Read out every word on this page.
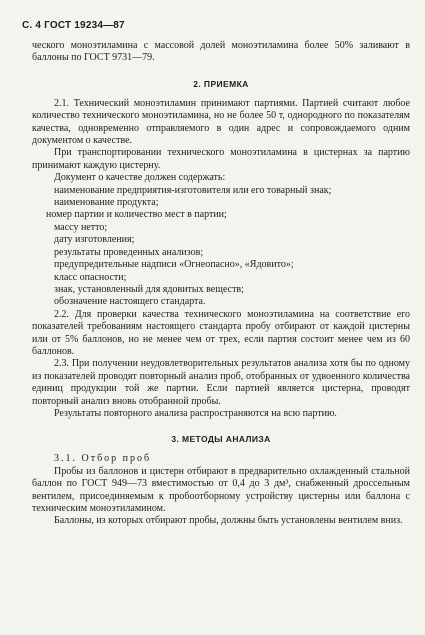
С. 4 ГОСТ 19234—87

ческого моноэтиламина с массовой долей моноэтиламина более 50% заливают в баллоны по ГОСТ 9731—79.

2. ПРИЕМКА

2.1. Технический моноэтиламин принимают партиями. Партией считают любое количество технического моноэтиламина, но не более 50 т, однородного по показателям качества, одновременно отправляемого в один адрес и сопровождаемого одним документом о качестве.

При транспортировании технического моноэтиламина в цистернах за партию принимают каждую цистерну.

Документ о качестве должен содержать:

наименование предприятия-изготовителя или его товарный знак;
наименование продукта;
номер партии и количество мест в партии;
массу нетто;
дату изготовления;
результаты проведенных анализов;
предупредительные надписи «Огнеопасно», «Ядовито»;
класс опасности;
знак, установленный для ядовитых веществ;
обозначение настоящего стандарта.

2.2. Для проверки качества технического моноэтиламина на соответствие его показателей требованиям настоящего стандарта пробу отбирают от каждой цистерны или от 5% баллонов, но не менее чем от трех, если партия состоит менее чем из 60 баллонов.

2.3. При получении неудовлетворительных результатов анализа хотя бы по одному из показателей проводят повторный анализ проб, отобранных от удвоенного количества единиц продукции той же партии. Если партией является цистерна, проводят повторный анализ вновь отобранной пробы.

Результаты повторного анализа распространяются на всю партию.

3. МЕТОДЫ АНАЛИЗА

3.1. Отбор проб

Пробы из баллонов и цистерн отбирают в предварительно охлажденный стальной баллон по ГОСТ 949—73 вместимостью от 0,4 до 3 дм³, снабженный дроссельным вентилем, присоединяемым к пробоотборному устройству цистерны или баллона с техническим моноэтиламином.

Баллоны, из которых отбирают пробы, должны быть установлены вентилем вниз.
